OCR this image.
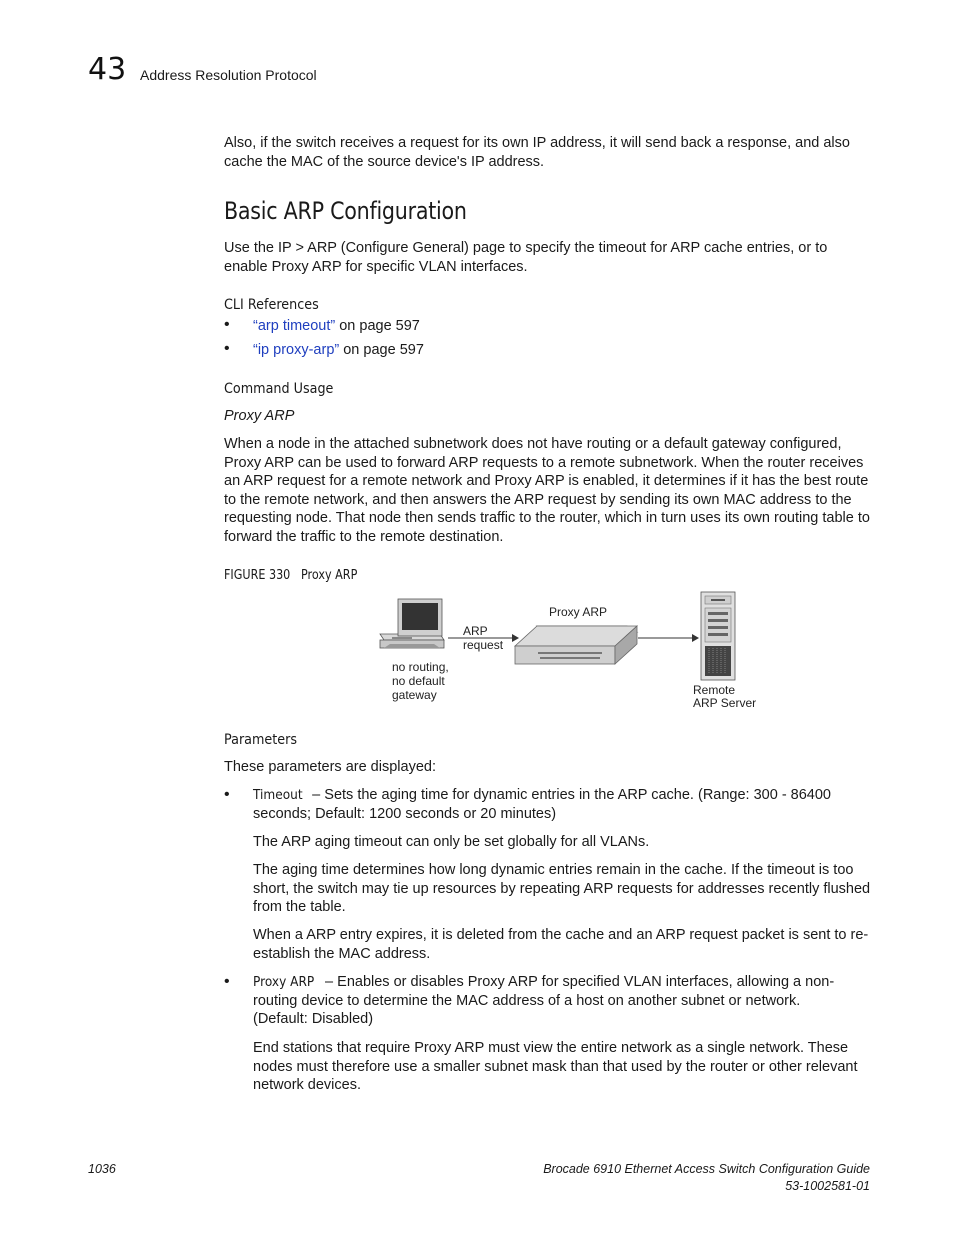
43 Address Resolution Protocol
Also, if the switch receives a request for its own IP address, it will send back a response, and also cache the MAC of the source device's IP address.
Basic ARP Configuration
Use the IP > ARP (Configure General) page to specify the timeout for ARP cache entries, or to enable Proxy ARP for specific VLAN interfaces.
CLI References
• “arp timeout” on page 597
• “ip proxy-arp” on page 597
Command Usage
Proxy ARP
When a node in the attached subnetwork does not have routing or a default gateway configured, Proxy ARP can be used to forward ARP requests to a remote subnetwork. When the router receives an ARP request for a remote network and Proxy ARP is enabled, it determines if it has the best route to the remote network, and then answers the ARP request by sending its own MAC address to the requesting node. That node then sends traffic to the router, which in turn uses its own routing table to forward the traffic to the remote destination.
FIGURE 330 Proxy ARP
no routing,
no default
gateway
ARP
request
Proxy ARP
Remote
ARP Server
Parameters
These parameters are displayed:
• Timeout – Sets the aging time for dynamic entries in the ARP cache. (Range: 300 - 86400 seconds; Default: 1200 seconds or 20 minutes)
The ARP aging timeout can only be set globally for all VLANs.
The aging time determines how long dynamic entries remain in the cache. If the timeout is too short, the switch may tie up resources by repeating ARP requests for addresses recently flushed from the table.
When a ARP entry expires, it is deleted from the cache and an ARP request packet is sent to re-establish the MAC address.
• Proxy ARP – Enables or disables Proxy ARP for specified VLAN interfaces, allowing a non-routing device to determine the MAC address of a host on another subnet or network. (Default: Disabled)
End stations that require Proxy ARP must view the entire network as a single network. These nodes must therefore use a smaller subnet mask than that used by the router or other relevant network devices.
1036	Brocade 6910 Ethernet Access Switch Configuration Guide
53-1002581-01
